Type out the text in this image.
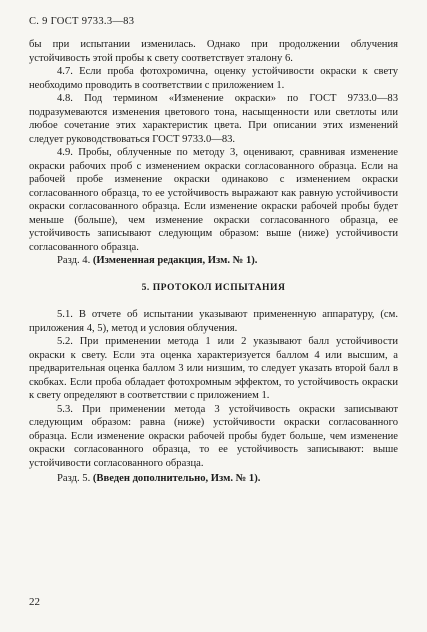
С. 9 ГОСТ 9733.3—83

бы при испытании изменилась. Однако при продолжении облучения устойчивость этой пробы к свету соответствует эталону 6.

4.7. Если проба фотохромична, оценку устойчивости окраски к свету необходимо проводить в соответствии с приложением 1.

4.8. Под термином «Изменение окраски» по ГОСТ 9733.0—83 подразумеваются изменения цветового тона, насыщенности или светлоты или любое сочетание этих характеристик цвета. При описании этих изменений следует руководствоваться ГОСТ 9733.0—83.

4.9. Пробы, облученные по методу 3, оценивают, сравнивая изменение окраски рабочих проб с изменением окраски согласованного образца. Если на рабочей пробе изменение окраски одинаково с изменением окраски согласованного образца, то ее устойчивость выражают как равную устойчивости окраски согласованного образца. Если изменение окраски рабочей пробы будет меньше (больше), чем изменение окраски согласованного образца, ее устойчивость записывают следующим образом: выше (ниже) устойчивости согласованного образца.

Разд. 4. (Измененная редакция, Изм. № 1).

5. ПРОТОКОЛ ИСПЫТАНИЯ

5.1. В отчете об испытании указывают примененную аппаратуру, (см. приложения 4, 5), метод и условия облучения.

5.2. При применении метода 1 или 2 указывают балл устойчивости окраски к свету. Если эта оценка характеризуется баллом 4 или высшим, а предварительная оценка баллом 3 или низшим, то следует указать второй балл в скобках. Если проба обладает фотохромным эффектом, то устойчивость окраски к свету определяют в соответствии с приложением 1.

5.3. При применении метода 3 устойчивость окраски записывают следующим образом: равна (ниже) устойчивости окраски согласованного образца. Если изменение окраски рабочей пробы будет больше, чем изменение окраски согласованного образца, то ее устойчивость записывают: выше устойчивости согласованного образца.

Разд. 5. (Введен дополнительно, Изм. № 1).

22
